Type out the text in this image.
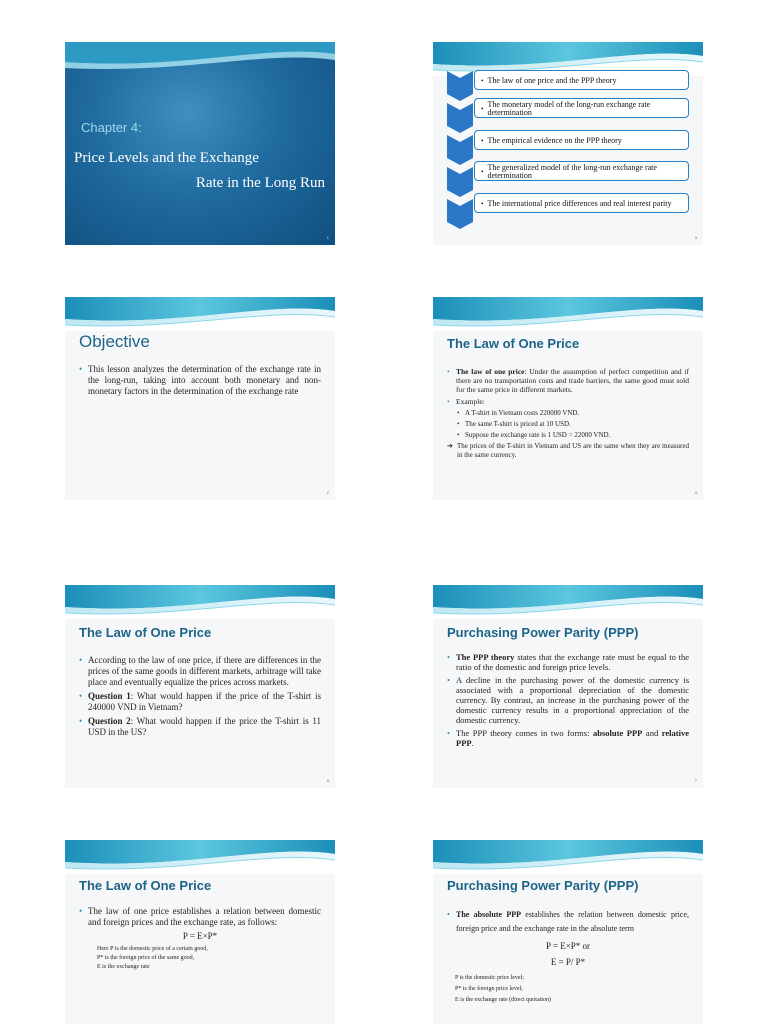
Chapter 4:
Price Levels and the Exchange
Rate in the Long Run
1
• The law of one price and the PPP theory
• The monetary model of the long-run exchange rate determination
• The empirical evidence on the PPP theory
• The generalized model of the long-run exchange rate determination
• The international price differences and real interest parity
3
Objective
• This lesson analyzes the determination of the exchange rate in the long-run, taking into account both monetary and non-monetary factors in the determination of the exchange rate
2
The Law of One Price
• The law of one price: Under the assumption of perfect competition and if there are no transportation costs and trade barriers, the same good must sold for the same price in different markets.
• Example:
• A T-shirt in Vietnam costs 220000 VND.
• The same T-shirt is priced at 10 USD.
• Suppose the exchange rate is 1 USD = 22000 VND.
➔ The prices of the T-shirt in Vietnam and US are the same when they are measured in the same currency.
4
The Law of One Price
• According to the law of one price, if there are differences in the prices of the same goods in different markets, arbitrage will take place and eventually equalize the prices across markets.
• Question 1: What would happen if the price of the T-shirt is 240000 VND in Vietnam?
• Question 2: What would happen if the price the T-shirt is 11 USD in the US?
5
Purchasing Power Parity (PPP)
• The PPP theory states that the exchange rate must be equal to the ratio of the domestic and foreign price levels.
• A decline in the purchasing power of the domestic currency is associated with a proportional depreciation of the domestic currency. By contrast, an increase in the purchasing power of the domestic currency results in a proportional appreciation of the domestic currency.
• The PPP theory comes in two forms: absolute PPP and relative PPP.
7
The Law of One Price
• The law of one price establishes a relation between domestic and foreign prices and the exchange rate, as follows:
P = E×P*
Here P is the domestic price of a certain good,
P* is the foreign price of the same good,
E is the exchange rate
Purchasing Power Parity (PPP)
• The absolute PPP establishes the relation between domestic price, foreign price and the exchange rate in the absolute term
P = E×P* or
E = P/ P*
P is the domestic price level;
P* is the foreign price level;
E is the exchange rate (direct quotation)
